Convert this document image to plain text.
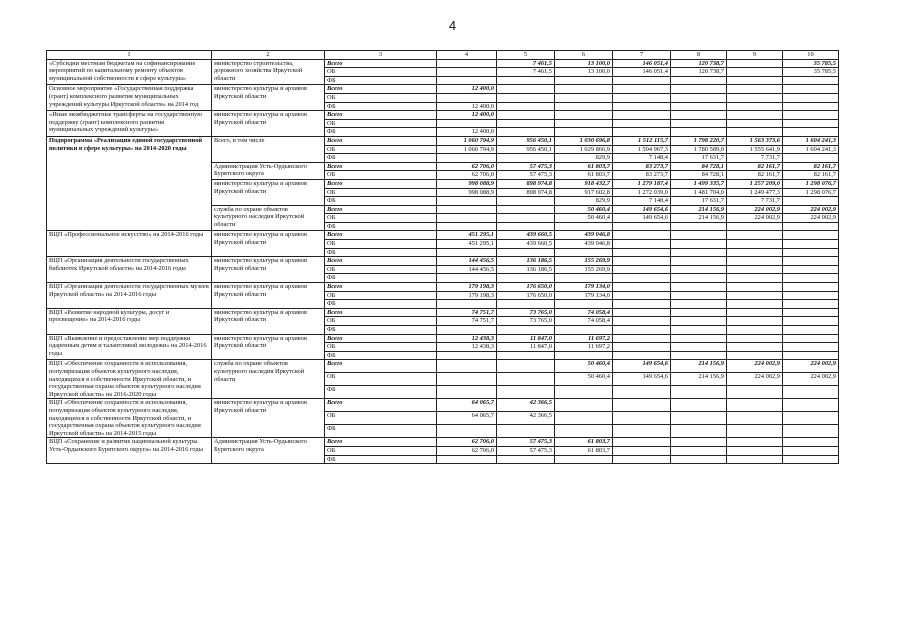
4
1	2	3	4	5	6	7	8	9	10
«Субсидии местным бюджетам на софинансирование мероприятий по капитальному ремонту объектов муниципальной собственности в сфере культуры»	министерство строительства, дорожного хозяйства Иркутской области	Всего		7 461,5	13 100,0	146 051,4	120 738,7		35 785,5
		ОБ		7 461,5	13 100,0	146 051,4	120 738,7		35 785,5
		ФБ							
Основное мероприятие «Государственная поддержка (грант) комплексного развития муниципальных учреждений культуры Иркутской области» на 2014 год	министерство культуры и архивов Иркутской области	Всего	12 400,0						
		ОБ							
		ФБ	12 400,0						
«Иные межбюджетные трансферты на государственную поддержку (грант) комплексного развития муниципальных учреждений культуры»	министерство культуры и архивов Иркутской области	Всего	12 400,0						
		ОБ							
		ФБ	12 400,0						
Подпрограмма «Реализация единой государственной политики в сфере культуры» на 2014-2020 годы	Всего, в том числе	Всего	1 060 794,9	956 450,1	1 030 696,8	1 512 115,7	1 798 220,7	1 563 373,6	1 604 241,3
		ОБ	1 060 794,9	956 450,1	1 029 866,9	1 504 967,3	1 780 589,0	1 555 641,9	1 604 241,3
		ФБ			829,9	7 148,4	17 631,7	7 731,7	
	Администрация Усть-Ордынского Бурятского округа	Всего	62 706,0	57 475,3	61 803,7	83 273,7	84 728,1	82 161,7	82 161,7
		ОБ	62 706,0	57 475,3	61 803,7	83 273,7	84 728,1	82 161,7	82 161,7
	министерство культуры и архивов Иркутской области	Всего	998 088,9	898 974,8	918 432,7	1 279 187,4	1 499 335,7	1 257 209,0	1 298 076,7
		ОБ	998 088,9	898 974,8	917 602,8	1 272 039,0	1 481 704,0	1 249 477,3	1 298 076,7
		ФБ			829,9	7 148,4	17 631,7	7 731,7	
	служба по охране объектов культурного наследия Иркутской области	Всего			50 460,4	149 654,6	214 156,9	224 002,9	224 002,9
		ОБ			50 460,4	149 654,6	214 156,9	224 002,9	224 002,9
		ФБ							
ВЦП «Профессиональное искусство» на 2014-2016 годы	министерство культуры и архивов Иркутской области	Всего	451 295,1	439 660,5	439 046,8				
		ОБ	451 295,1	439 660,5	439 046,8				
		ФБ							
ВЦП «Организация деятельности государственных библиотек Иркутской области» на 2014-2016 годы	министерство культуры и архивов Иркутской области	Всего	144 456,5	136 186,5	155 269,9				
		ОБ	144 456,5	136 186,5	155 269,9				
		ФБ							
ВЦП «Организация деятельности государственных музеев Иркутской области» на 2014-2016 годы	министерство культуры и архивов Иркутской области	Всего	179 198,3	176 650,0	179 134,0				
		ОБ	179 198,3	176 650,0	179 134,0				
		ФБ							
ВЦП «Развитие народной культуры, досуг и просвещение» на 2014-2016 годы	министерство культуры и архивов Иркутской области	Всего	74 751,7	73 765,0	74 058,4				
		ОБ	74 751,7	73 765,0	74 058,4				
		ФБ							
ВЦП «Выявление и предоставление мер поддержки одаренным детям и талантливой молодежи» на 2014-2016 годы	министерство культуры и архивов Иркутской области	Всего	12 438,3	11 847,0	11 697,2				
		ОБ	12 438,3	11 847,0	11 697,2				
		ФБ							
ВЦП «Обеспечение сохранности и использования, популяризация объектов культурного наследия, находящихся в собственности Иркутской области, и государственная охрана объектов культурного наследия Иркутской области» на 2016-2020 годы	служба по охране объектов культурного наследия Иркутской области	Всего			50 460,4	149 654,6	214 156,9	224 002,9	224 002,9
		ОБ			50 460,4	149 654,6	214 156,9	224 002,9	224 002,9
		ФБ							
ВЦП «Обеспечение сохранности и использования, популяризация объектов культурного наследия, находящихся в собственности Иркутской области, и государственная охрана объектов культурного наследия Иркутской области» на 2014-2015 годы	министерство культуры и архивов Иркутской области	Всего	64 065,7	42 366,5					
		ОБ	64 065,7	42 366,5					
		ФБ							
ВЦП «Сохранение и развитие национальной культуры Усть-Ордынского Бурятского округа» на 2014-2016 годы	Администрация Усть-Ордынского Бурятского округа	Всего	62 706,0	57 475,3	61 803,7				
		ОБ	62 706,0	57 475,3	61 803,7				
		ФБ							
